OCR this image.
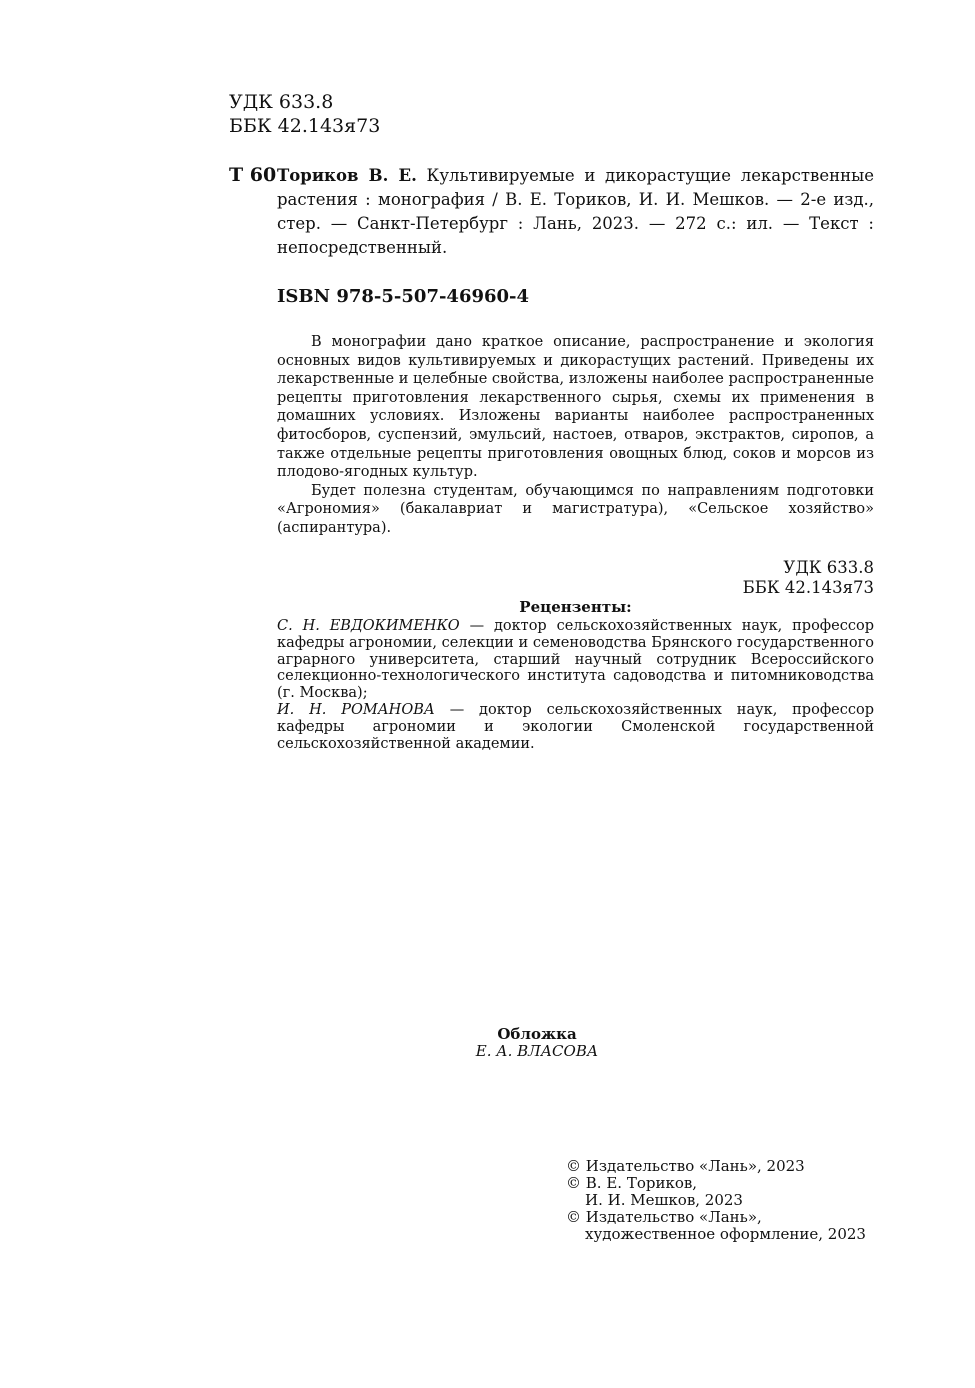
УДК 633.8
ББК 42.143я73
Т 60 Ториков В. Е. Культивируемые и дикорастущие лекарственные растения : монография / В. Е. Ториков, И. И. Мешков. — 2-е изд., стер. — Санкт-Петербург : Лань, 2023. — 272 с.: ил. — Текст : непосредственный.
ISBN 978-5-507-46960-4

В монографии дано краткое описание, распространение и экология основных видов культивируемых и дикорастущих растений. Приведены их лекарственные и целебные свойства, изложены наиболее распространенные рецепты приготовления лекарственного сырья, схемы их применения в домашних условиях. Изложены варианты наиболее распространенных фитосборов, суспензий, эмульсий, настоев, отваров, экстрактов, сиропов, а также отдельные рецепты приготовления овощных блюд, соков и морсов из плодово-ягодных культур.

Будет полезна студентам, обучающимся по направлениям подготовки «Агрономия» (бакалавриат и магистратура), «Сельское хозяйство» (аспирантура).

УДК 633.8
ББК 42.143я73
Рецензенты:

С. Н. ЕВДОКИМЕНКО — доктор сельскохозяйственных наук, профессор кафедры агрономии, селекции и семеноводства Брянского государственного аграрного университета, старший научный сотрудник Всероссийского селекционно-технологического института садоводства и питомниководства (г. Москва);

И. Н. РОМАНОВА — доктор сельскохозяйственных наук, профессор кафедры агрономии и экологии Смоленской государственной сельскохозяйственной академии.

Обложка
Е. А. ВЛАСОВА
© Издательство «Лань», 2023
© В. Е. Ториков,
И. И. Мешков, 2023
© Издательство «Лань»,
художественное оформление, 2023
